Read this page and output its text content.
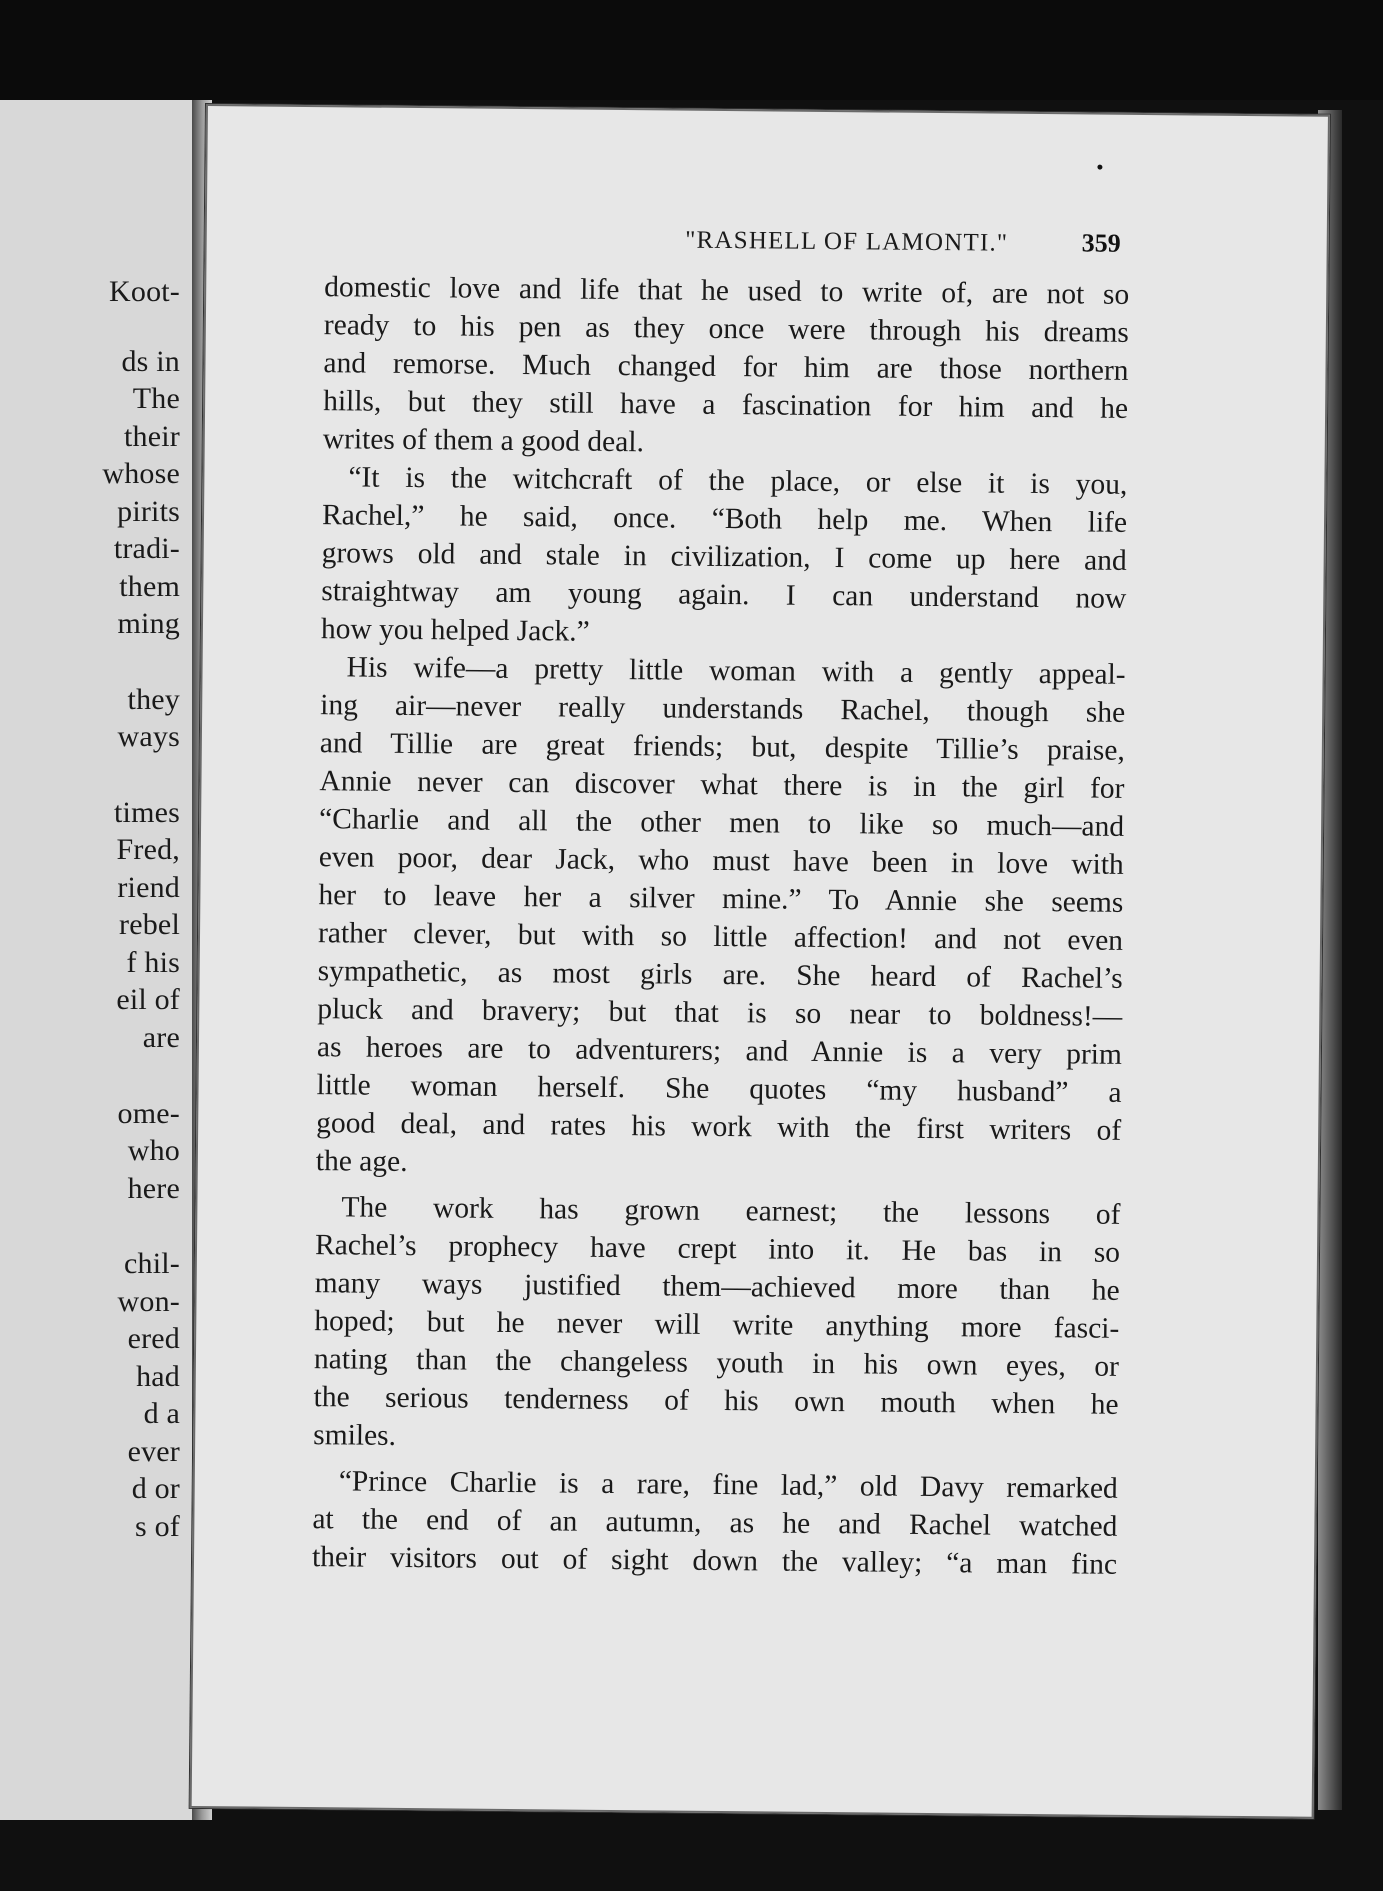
Koot-
ds in
The
their
whose
pirits
tradi-
them
ming
they
ways
times
Fred,
riend
rebel
f his
eil of
are
ome-
who
here
chil-
won-
ered
had
d a
ever
d or
s of
"RASHELL OF LAMONTI."	359
domestic love and life that he used to write of, are not so
ready to his pen as they once were through his dreams
and remorse. Much changed for him are those northern
hills, but they still have a fascination for him and he
writes of them a good deal.
“It is the witchcraft of the place, or else it is you,
Rachel,” he said, once. “Both help me. When life
grows old and stale in civilization, I come up here and
straightway am young again. I can understand now
how you helped Jack.”
His wife—a pretty little woman with a gently appeal-
ing air—never really understands Rachel, though she
and Tillie are great friends; but, despite Tillie’s praise,
Annie never can discover what there is in the girl for
“Charlie and all the other men to like so much—and
even poor, dear Jack, who must have been in love with
her to leave her a silver mine.” To Annie she seems
rather clever, but with so little affection! and not even
sympathetic, as most girls are. She heard of Rachel’s
pluck and bravery; but that is so near to boldness!—
as heroes are to adventurers; and Annie is a very prim
little woman herself. She quotes “my husband” a
good deal, and rates his work with the first writers of
the age.
The work has grown earnest; the lessons of
Rachel’s prophecy have crept into it. He bas in so
many ways justified them—achieved more than he
hoped; but he never will write anything more fasci-
nating than the changeless youth in his own eyes, or
the serious tenderness of his own mouth when he
smiles.
“Prince Charlie is a rare, fine lad,” old Davy remarked
at the end of an autumn, as he and Rachel watched
their visitors out of sight down the valley; “a man finc
